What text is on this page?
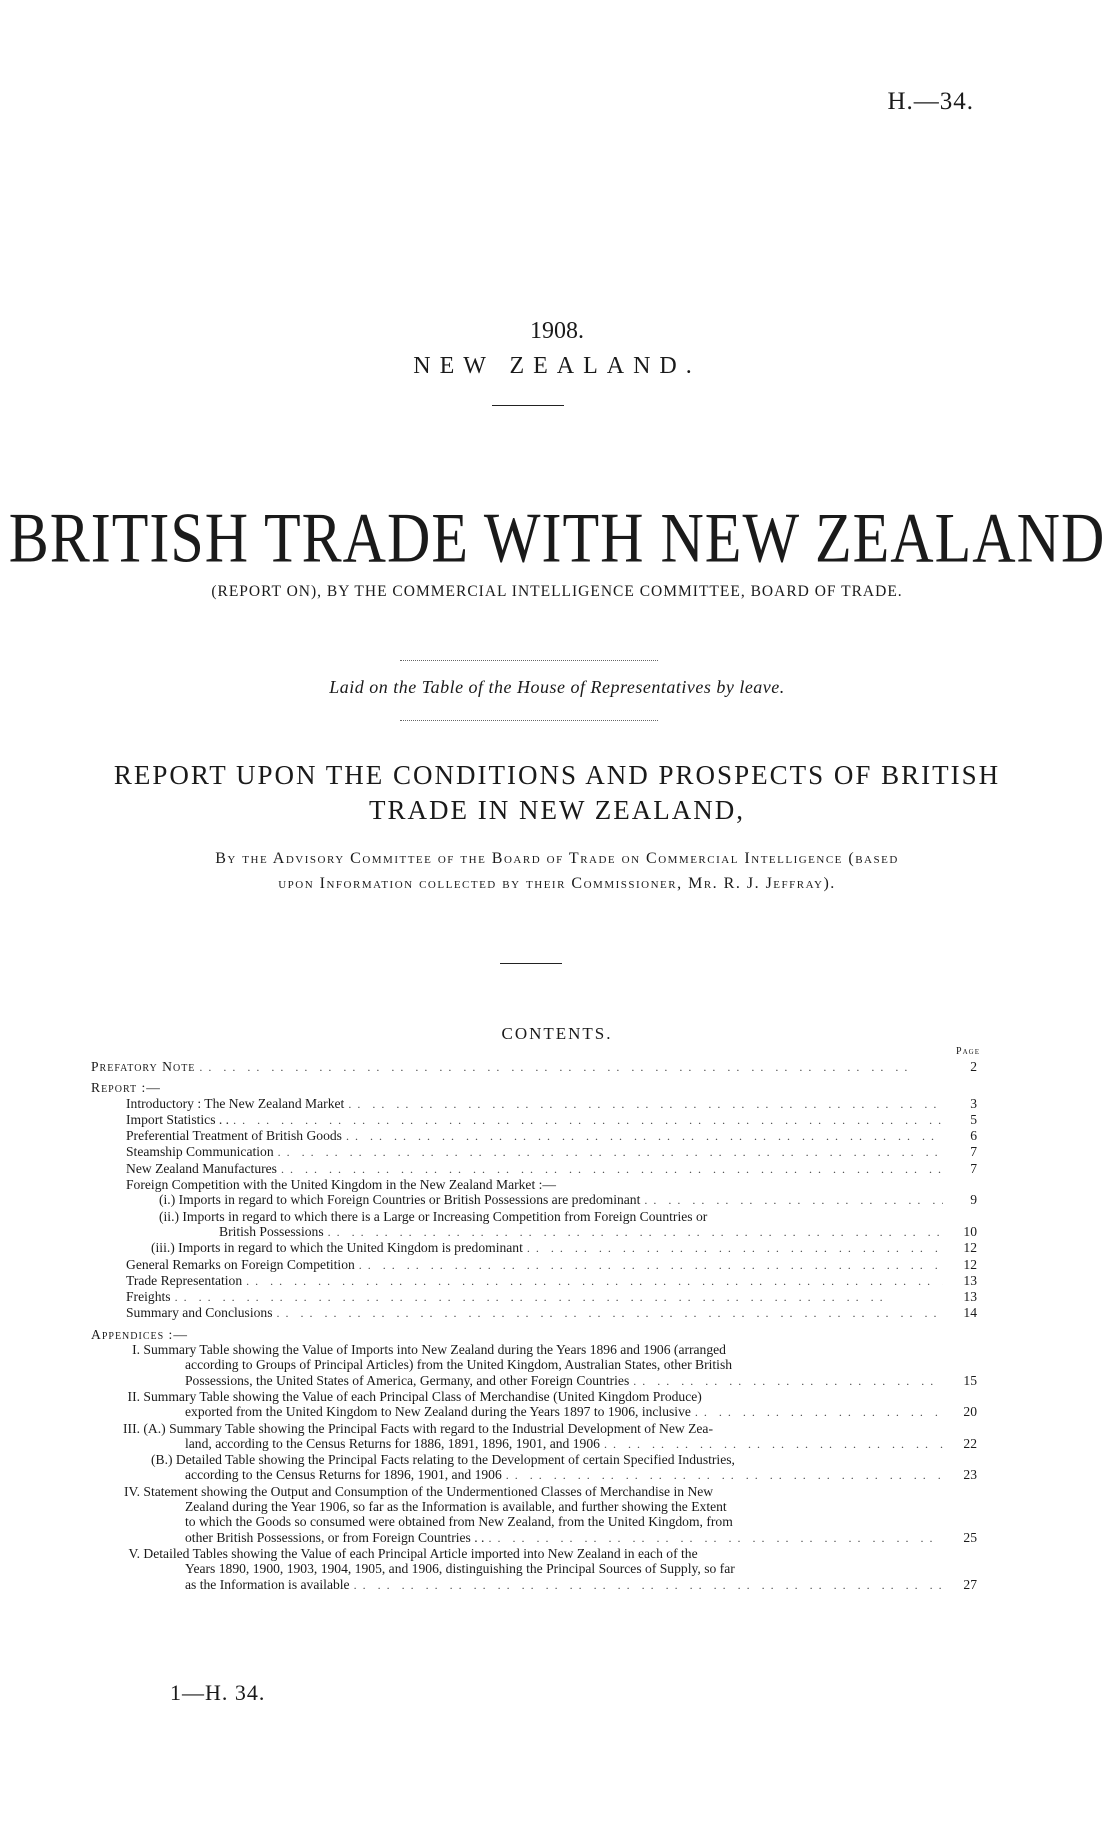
H.—34.
1908.
NEW ZEALAND.
BRITISH TRADE WITH NEW ZEALAND
(REPORT ON), BY THE COMMERCIAL INTELLIGENCE COMMITTEE, BOARD OF TRADE.
Laid on the Table of the House of Representatives by leave.
REPORT UPON THE CONDITIONS AND PROSPECTS OF BRITISH
TRADE IN NEW ZEALAND,
By the Advisory Committee of the Board of Trade on Commercial Intelligence (based
upon Information collected by their Commissioner, Mr. R. J. Jeffray).
CONTENTS.
Page
Prefatory Note . .	2
Report :—
Introductory : The New Zealand Market . .	3
Import Statistics . . . .	5
Preferential Treatment of British Goods . .	6
Steamship Communication . .	7
New Zealand Manufactures . .	7
Foreign Competition with the United Kingdom in the New Zealand Market :—
(i.) Imports in regard to which Foreign Countries or British Possessions are predominant . .	9
(ii.) Imports in regard to which there is a Large or Increasing Competition from Foreign Countries or
British Possessions . .	10
(iii.) Imports in regard to which the United Kingdom is predominant . .	12
General Remarks on Foreign Competition . .	12
Trade Representation . .	13
Freights . .	13
Summary and Conclusions . .	14
Appendices :—
I. Summary Table showing the Value of Imports into New Zealand during the Years 1896 and 1906 (arranged
according to Groups of Principal Articles) from the United Kingdom, Australian States, other British
Possessions, the United States of America, Germany, and other Foreign Countries . .	15
II. Summary Table showing the Value of each Principal Class of Merchandise (United Kingdom Produce)
exported from the United Kingdom to New Zealand during the Years 1897 to 1906, inclusive . .	20
III. (A.) Summary Table showing the Principal Facts with regard to the Industrial Development of New Zea-
land, according to the Census Returns for 1886, 1891, 1896, 1901, and 1906 . .	22
(B.) Detailed Table showing the Principal Facts relating to the Development of certain Specified Industries,
according to the Census Returns for 1896, 1901, and 1906 . .	23
IV. Statement showing the Output and Consumption of the Undermentioned Classes of Merchandise in New
Zealand during the Year 1906, so far as the Information is available, and further showing the Extent
to which the Goods so consumed were obtained from New Zealand, from the United Kingdom, from
other British Possessions, or from Foreign Countries . . . .	25
V. Detailed Tables showing the Value of each Principal Article imported into New Zealand in each of the
Years 1890, 1900, 1903, 1904, 1905, and 1906, distinguishing the Principal Sources of Supply, so far
as the Information is available . .	27
1—H. 34.
